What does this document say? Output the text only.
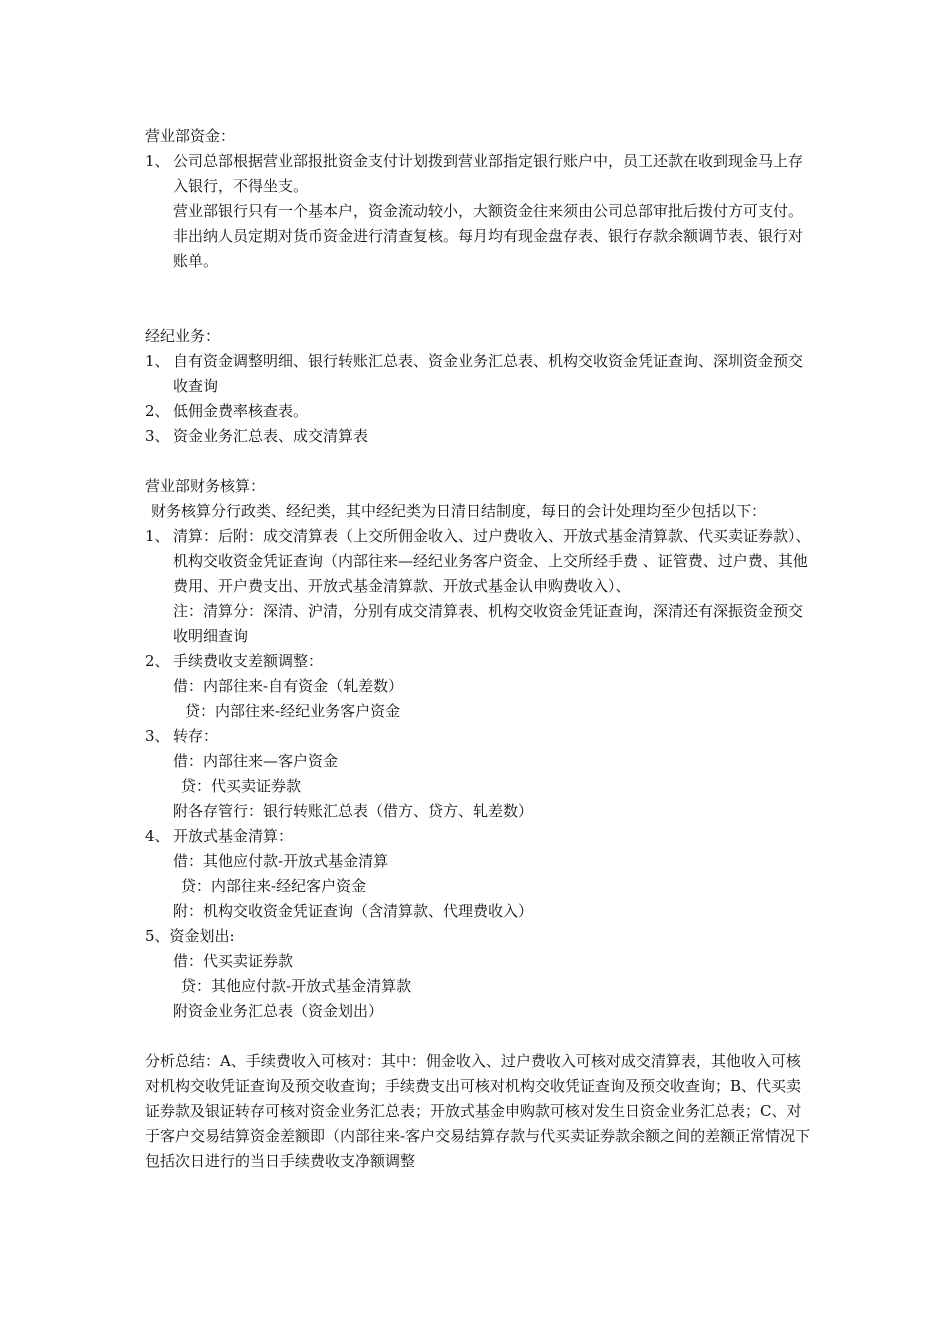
营业部资金：

1、 公司总部根据营业部报批资金支付计划拨到营业部指定银行账户中，员工还款在收到现金马上存入银行，不得坐支。

营业部银行只有一个基本户，资金流动较小，大额资金往来须由公司总部审批后拨付方可支付。非出纳人员定期对货币资金进行清查复核。每月均有现金盘存表、银行存款余额调节表、银行对账单。

经纪业务：

1、 自有资金调整明细、银行转账汇总表、资金业务汇总表、机构交收资金凭证查询、深圳资金预交收查询
2、 低佣金费率核查表。
3、 资金业务汇总表、成交清算表

营业部财务核算：

财务核算分行政类、经纪类，其中经纪类为日清日结制度，每日的会计处理均至少包括以下：

1、 清算：后附：成交清算表（上交所佣金收入、过户费收入、开放式基金清算款、代买卖证券款）、机构交收资金凭证查询（内部往来—经纪业务客户资金、上交所经手费 、证管费、过户费、其他费用、开户费支出、开放式基金清算款、开放式基金认申购费收入）、

注：清算分：深清、沪清，分别有成交清算表、机构交收资金凭证查询，深清还有深振资金预交收明细查询

2、 手续费收支差额调整：

借：内部往来-自有资金（轧差数）

贷：内部往来-经纪业务客户资金

3、 转存：

借：内部往来—客户资金

贷：代买卖证券款

附各存管行：银行转账汇总表（借方、贷方、轧差数）

4、 开放式基金清算：

借：其他应付款-开放式基金清算

贷：内部往来-经纪客户资金

附：机构交收资金凭证查询（含清算款、代理费收入）

5、资金划出:

借：代买卖证券款

贷：其他应付款-开放式基金清算款

附资金业务汇总表（资金划出）

分析总结：A、手续费收入可核对：其中：佣金收入、过户费收入可核对成交清算表，其他收入可核对机构交收凭证查询及预交收查询；手续费支出可核对机构交收凭证查询及预交收查询；B、代买卖证券款及银证转存可核对资金业务汇总表；开放式基金申购款可核对发生日资金业务汇总表；C、对于客户交易结算资金差额即（内部往来-客户交易结算存款与代买卖证券款余额之间的差额正常情况下包括次日进行的当日手续费收支净额调整
